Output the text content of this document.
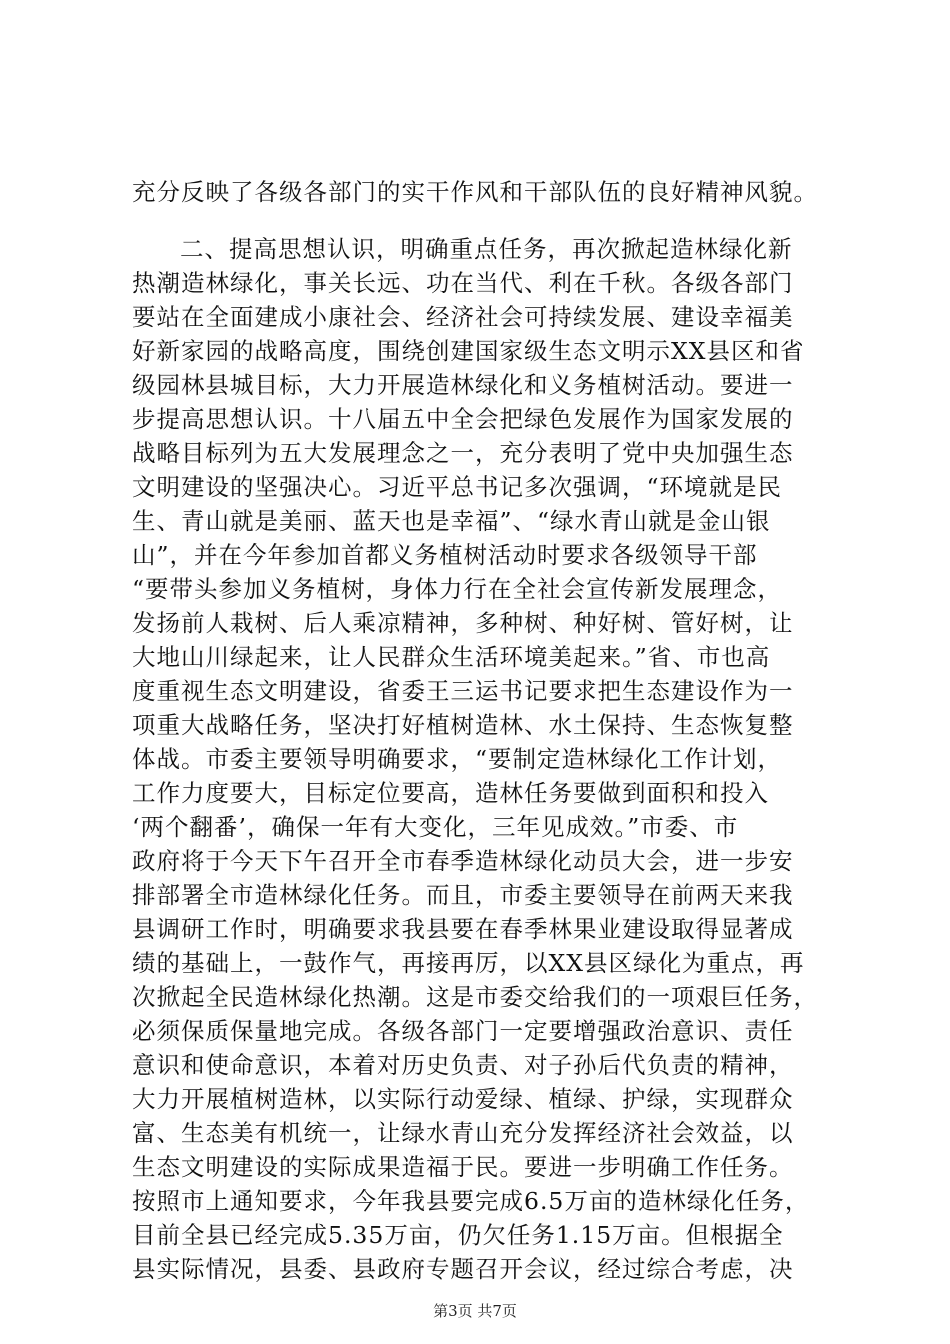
充分反映了各级各部门的实干作风和干部队伍的良好精神风貌。
二、提高思想认识，明确重点任务，再次掀起造林绿化新
热潮造林绿化，事关长远、功在当代、利在千秋。各级各部门
要站在全面建成小康社会、经济社会可持续发展、建设幸福美
好新家园的战略高度，围绕创建国家级生态文明示XX县区和省
级园林县城目标，大力开展造林绿化和义务植树活动。要进一
步提高思想认识。十八届五中全会把绿色发展作为国家发展的
战略目标列为五大发展理念之一，充分表明了党中央加强生态
文明建设的坚强决心。习近平总书记多次强调，“环境就是民
生、青山就是美丽、蓝天也是幸福”、“绿水青山就是金山银
山”，并在今年参加首都义务植树活动时要求各级领导干部
“要带头参加义务植树，身体力行在全社会宣传新发展理念，
发扬前人栽树、后人乘凉精神，多种树、种好树、管好树，让
大地山川绿起来，让人民群众生活环境美起来。”省、市也高
度重视生态文明建设，省委王三运书记要求把生态建设作为一
项重大战略任务，坚决打好植树造林、水土保持、生态恢复整
体战。市委主要领导明确要求，“要制定造林绿化工作计划，
工作力度要大，目标定位要高，造林任务要做到面积和投入
‘两个翻番’，确保一年有大变化，三年见成效。”市委、市
政府将于今天下午召开全市春季造林绿化动员大会，进一步安
排部署全市造林绿化任务。而且，市委主要领导在前两天来我
县调研工作时，明确要求我县要在春季林果业建设取得显著成
绩的基础上，一鼓作气，再接再厉，以XX县区绿化为重点，再
次掀起全民造林绿化热潮。这是市委交给我们的一项艰巨任务，
必须保质保量地完成。各级各部门一定要增强政治意识、责任
意识和使命意识，本着对历史负责、对子孙后代负责的精神，
大力开展植树造林，以实际行动爱绿、植绿、护绿，实现群众
富、生态美有机统一，让绿水青山充分发挥经济社会效益，以
生态文明建设的实际成果造福于民。要进一步明确工作任务。
按照市上通知要求，今年我县要完成6.5万亩的造林绿化任务，
目前全县已经完成5.35万亩，仍欠任务1.15万亩。但根据全
县实际情况，县委、县政府专题召开会议，经过综合考虑，决
第3页 共7页
